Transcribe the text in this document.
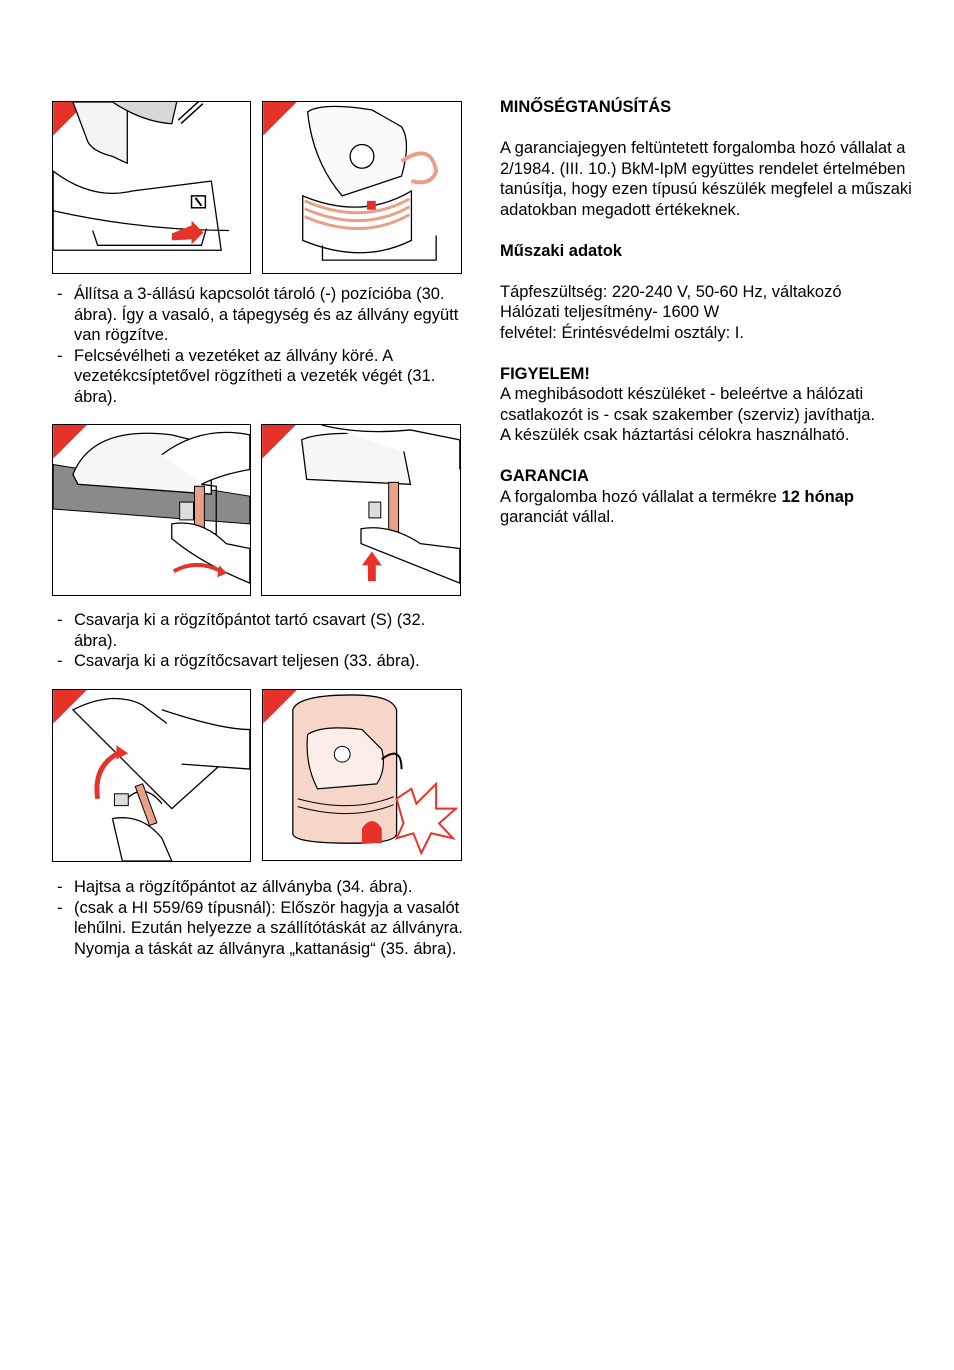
- Állítsa a 3-állású kapcsolót tároló (-) pozícióba (30. ábra). Így a vasaló, a tápegység és az állvány együtt van rögzítve.
- Felcsévélheti a vezetéket az állvány köré. A vezetékcsíptetővel rögzítheti a vezeték végét (31. ábra).
- Csavarja ki a rögzítőpántot tartó csavart (S) (32. ábra).
- Csavarja ki a rögzítőcsavart teljesen (33. ábra).
- Hajtsa a rögzítőpántot az állványba (34. ábra).
- (csak a HI 559/69 típusnál): Először hagyja a vasalót lehűlni. Ezután helyezze a szállítótáskát az állványra. Nyomja a táskát az állványra „kattanásig“ (35. ábra).

MINŐSÉGTANÚSÍTÁS

A garanciajegyen feltüntetett forgalomba hozó vállalat a 2/1984. (III. 10.) BkM-IpM együttes rendelet értelmében tanúsítja, hogy ezen típusú készülék megfelel a műszaki adatokban megadott értékeknek.

Műszaki adatok

Tápfeszültség: 220-240 V, 50-60 Hz, váltakozó

Hálózati teljesítmény- 1600 W

felvétel: Érintésvédelmi osztály: I.

FIGYELEM!

A meghibásodott készüléket - beleértve a hálózati csatlakozót is - csak szakember (szerviz) javíthatja.

A készülék csak háztartási célokra használható.

GARANCIA

A forgalomba hozó vállalat a termékre 12 hónap garanciát vállal.
